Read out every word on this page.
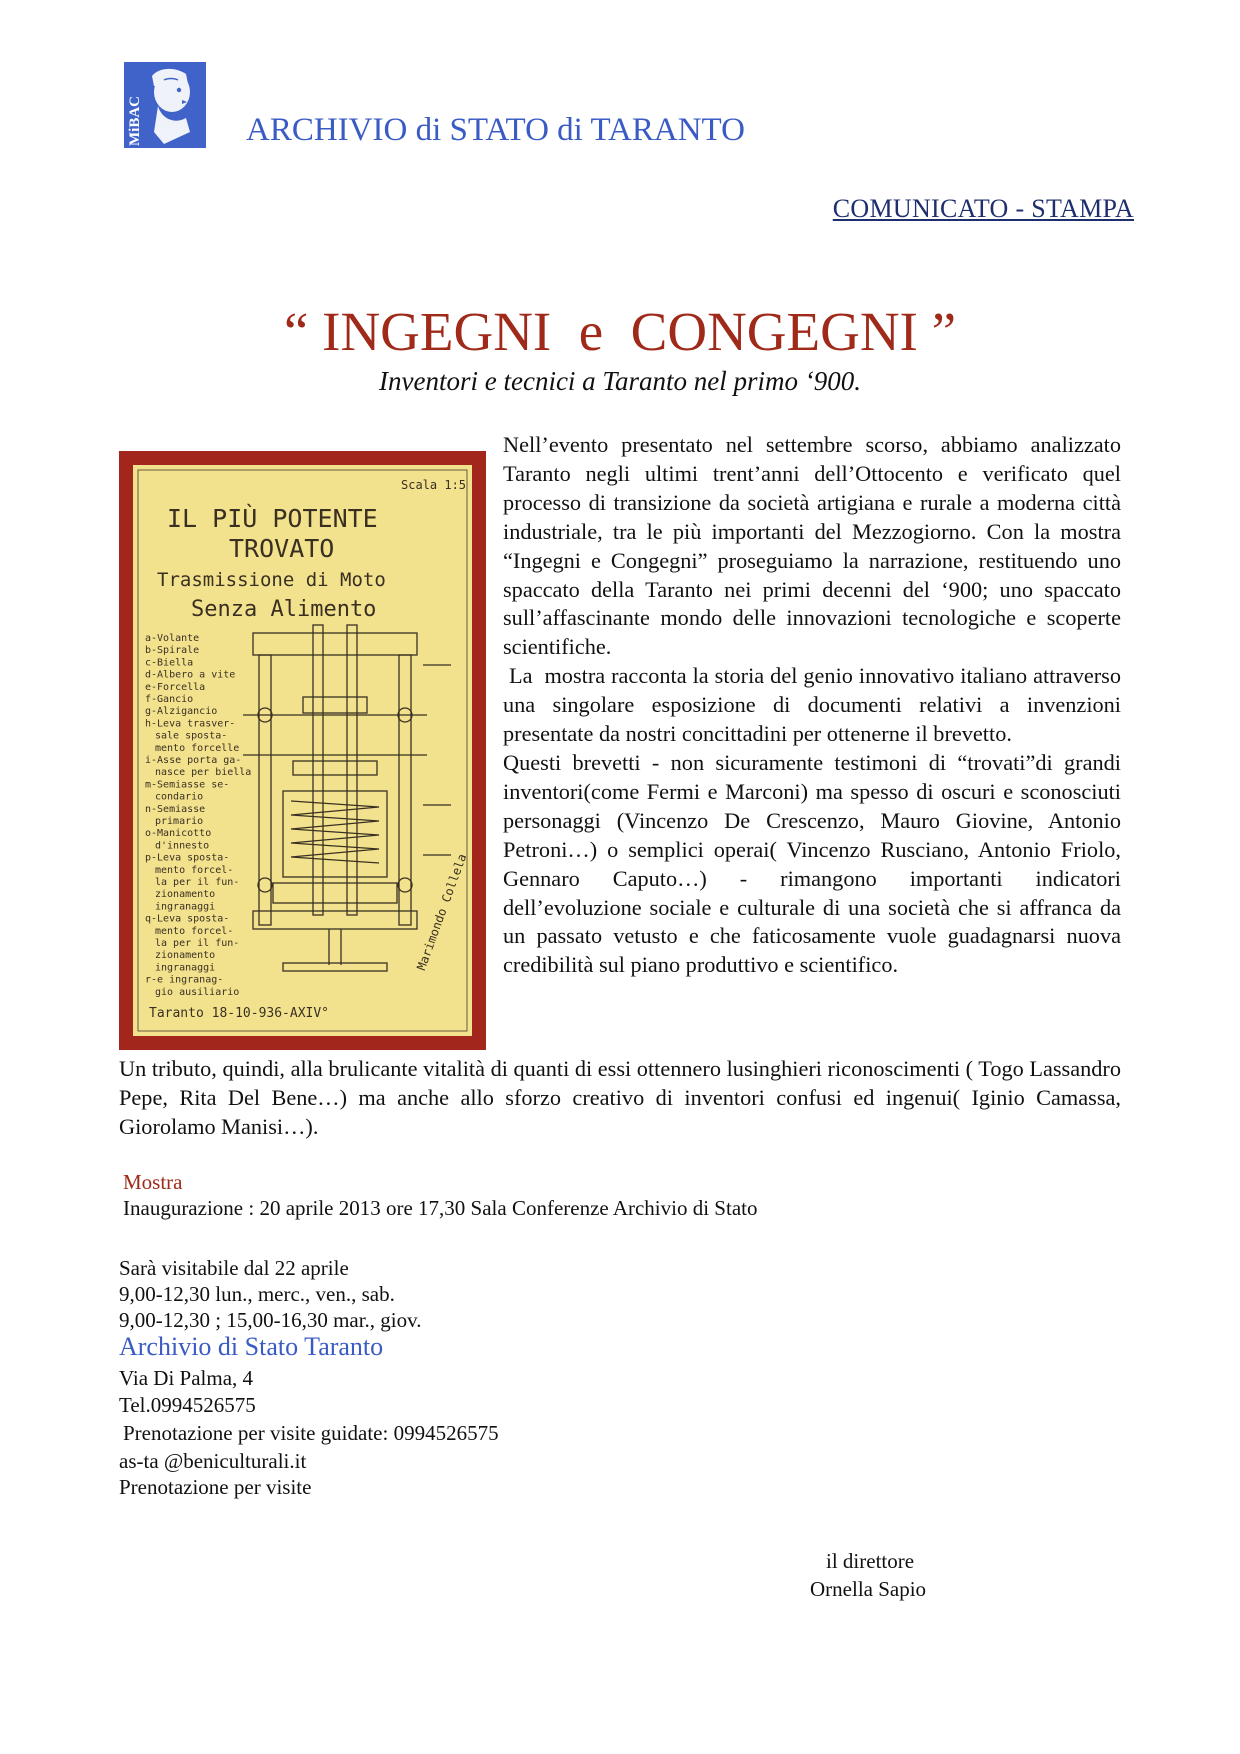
MiBAC	ARCHIVIO di STATO di TARANTO
COMUNICATO - STAMPA
“ INGEGNI  e  CONGEGNI ”
Inventori e tecnici a Taranto nel primo ‘900.
Scala 1:5
IL PIÙ POTENTE
TROVATO
Trasmissione di Moto
Senza Alimento
a-Volante
b-Spirale
c-Biella
d-Albero a vite
e-Forcella
f-Gancio
g-Alzigancio
h-Leva trasver-
sale sposta-
mento forcelle
i-Asse porta ga-
nasce per biella
m-Semiasse se-
condario
n-Semiasse
primario
o-Manicotto
d'innesto
p-Leva sposta-
mento forcel-
la per il fun-
zionamento
ingranaggi
q-Leva sposta-
mento forcel-
la per il fun-
zionamento
ingranaggi
r-e ingranag-
gio ausiliario
Marimondo Collela
Taranto 18-10-936-AXIV°

Nell’evento presentato nel settembre scorso, abbiamo analizzato Taranto negli ultimi trent’anni dell’Ottocento e verificato quel processo di transizione da società artigiana e rurale a moderna città industriale, tra le più importanti del Mezzogiorno. Con la mostra “Ingegni e Congegni” proseguiamo la narrazione, restituendo uno spaccato della Taranto nei primi decenni del ‘900; uno spaccato sull’affascinante mondo delle innovazioni tecnologiche e scoperte scientifiche.

La  mostra racconta la storia del genio innovativo italiano attraverso una singolare esposizione di documenti relativi a invenzioni presentate da nostri concittadini per ottenerne il brevetto.

Questi brevetti - non sicuramente testimoni di “trovati”di grandi inventori(come Fermi e Marconi) ma spesso di oscuri e sconosciuti personaggi (Vincenzo De Crescenzo, Mauro Giovine, Antonio Petroni…) o semplici operai( Vincenzo Rusciano, Antonio Friolo, Gennaro Caputo…) - rimangono importanti indicatori dell’evoluzione sociale e culturale di una società che si affranca da un passato vetusto e che faticosamente vuole guadagnarsi nuova credibilità sul piano produttivo e scientifico.

Un tributo, quindi, alla brulicante vitalità di quanti di essi ottennero lusinghieri riconoscimenti ( Togo Lassandro Pepe, Rita Del Bene…) ma anche allo sforzo creativo di inventori confusi ed ingenui( Iginio Camassa, Giorolamo Manisi…).

Mostra
Inaugurazione : 20 aprile 2013 ore 17,30 Sala Conferenze Archivio di Stato
Sarà visitabile dal 22 aprile
9,00-12,30 lun., merc., ven., sab.
9,00-12,30 ; 15,00-16,30 mar., giov.
Archivio di Stato Taranto
Via Di Palma, 4
Tel.0994526575
Prenotazione per visite guidate: 0994526575
as-ta @beniculturali.it
Prenotazione per visite
il direttore
Ornella Sapio
